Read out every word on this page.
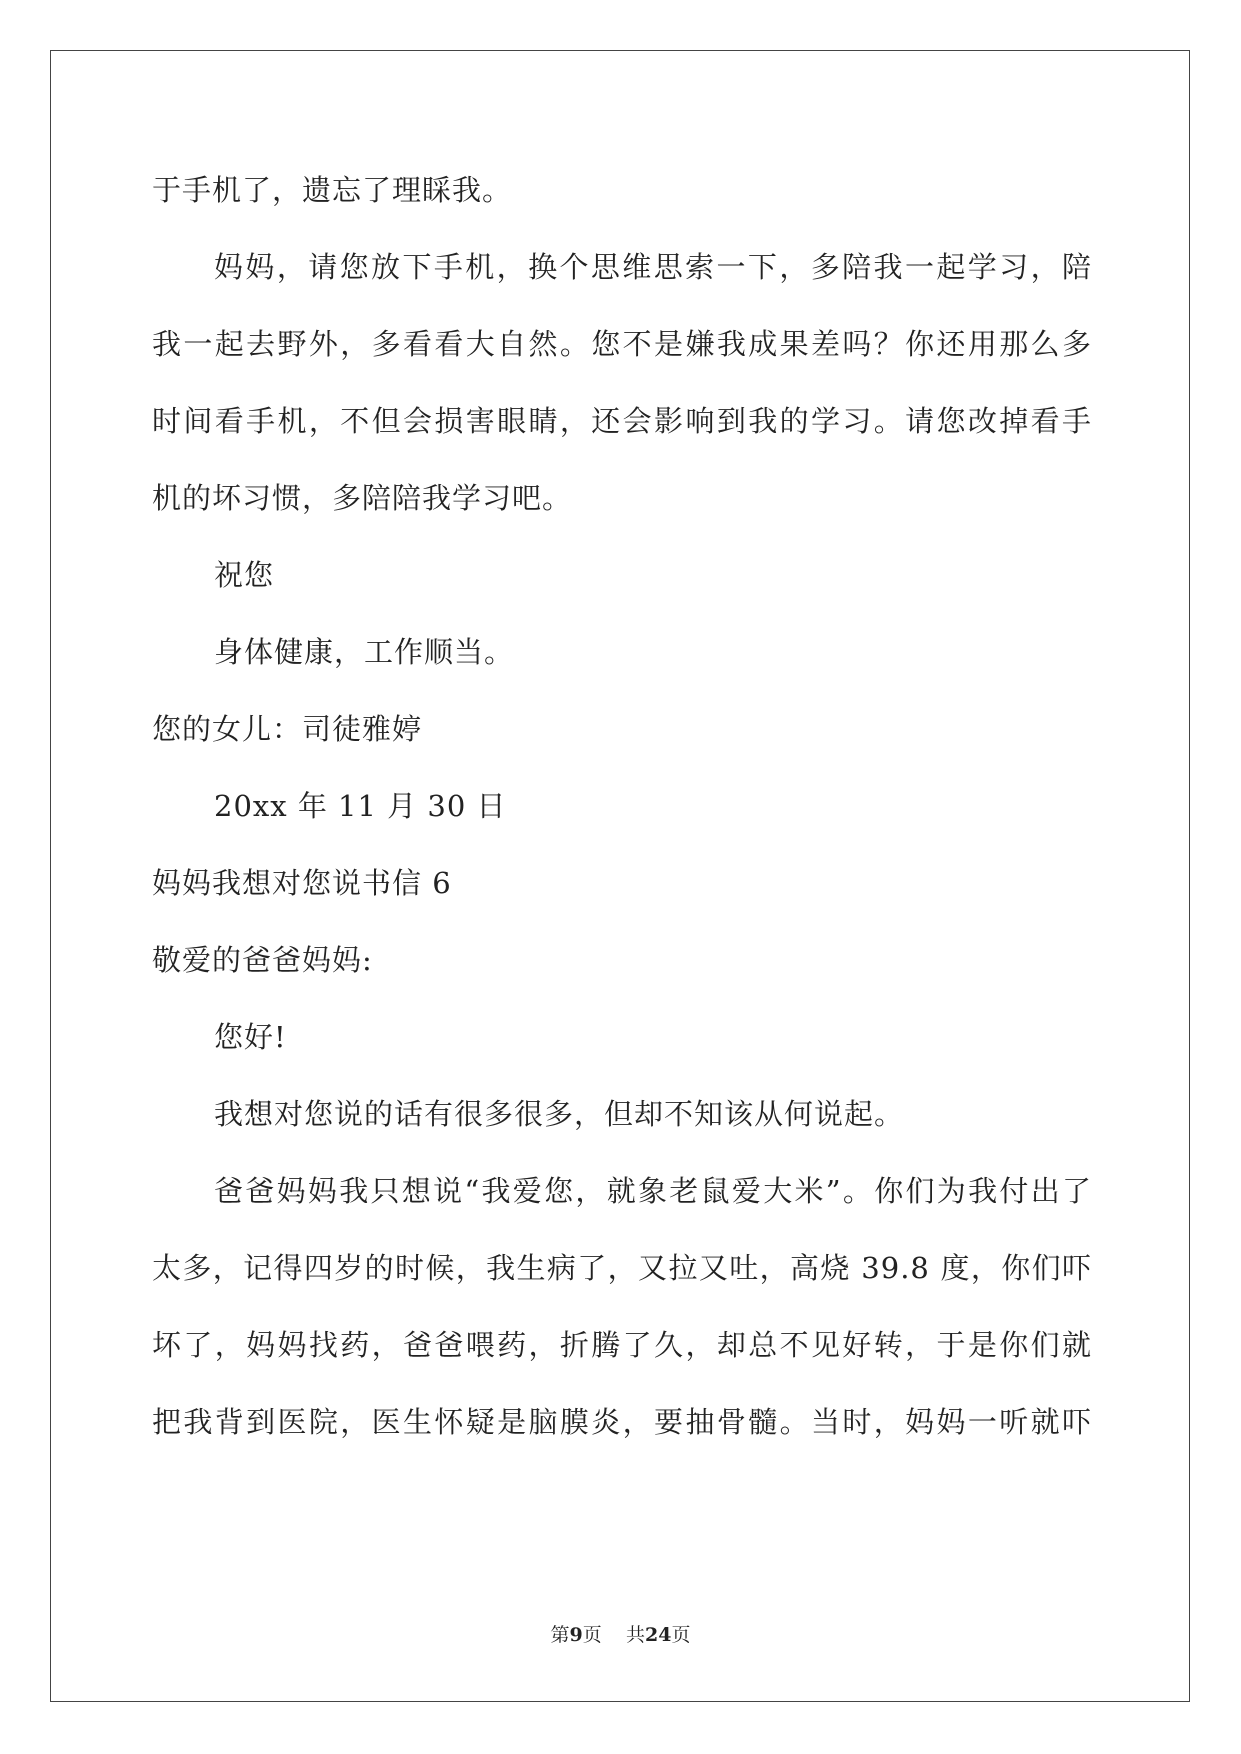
于手机了，遗忘了理睬我。
妈妈，请您放下手机，换个思维思索一下，多陪我一起学习，陪
我一起去野外，多看看大自然。您不是嫌我成果差吗？你还用那么多
时间看手机，不但会损害眼睛，还会影响到我的学习。请您改掉看手
机的坏习惯，多陪陪我学习吧。
祝您
身体健康，工作顺当。
您的女儿：司徒雅婷
20xx 年 11 月 30 日
妈妈我想对您说书信 6
敬爱的爸爸妈妈:
您好!
我想对您说的话有很多很多，但却不知该从何说起。
爸爸妈妈我只想说“我爱您，就象老鼠爱大米”。你们为我付出了
太多，记得四岁的时候，我生病了，又拉又吐，高烧 39.8 度，你们吓
坏了，妈妈找药，爸爸喂药，折腾了久，却总不见好转，于是你们就
把我背到医院，医生怀疑是脑膜炎，要抽骨髓。当时，妈妈一听就吓
第9页 共24页
